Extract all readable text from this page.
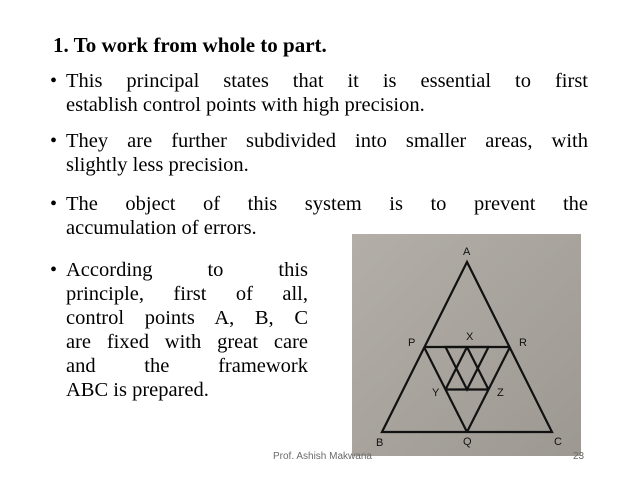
1. To work from whole to part.
• This principal states that it is essential to first
establish control points with high precision.
• They are further subdivided into smaller areas, with
slightly less precision.
• The object of this system is to prevent the
accumulation of errors.
• According to this
principle, first of all,
control points A, B, C
are fixed with great care
and the framework
ABC is prepared.
A
B	C
P
Q
R
X
Y	Z
Prof. Ashish Makwana	23
